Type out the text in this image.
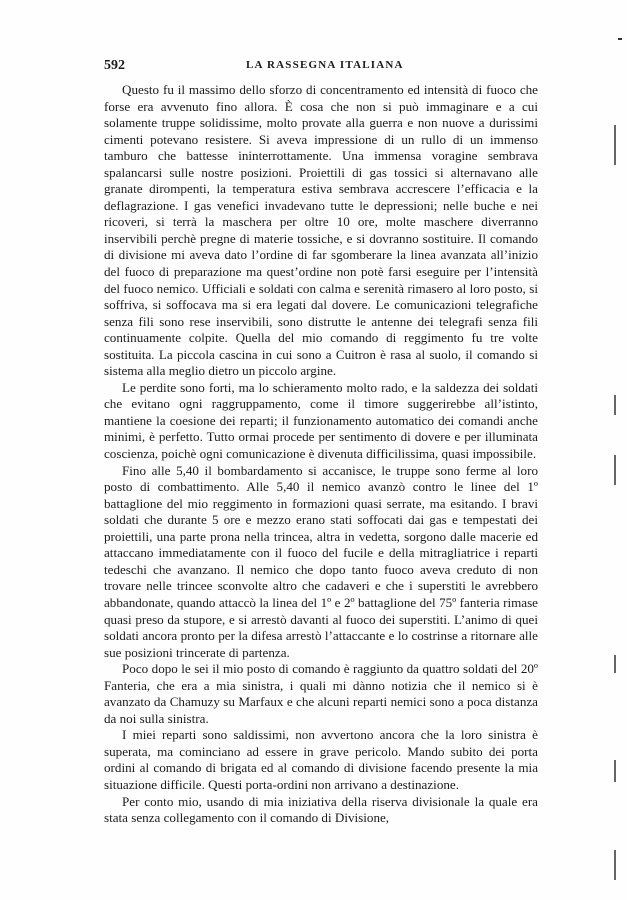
592	LA RASSEGNA ITALIANA

Questo fu il massimo dello sforzo di concentramento ed intensità di fuoco che forse era avvenuto fino allora. È cosa che non si può immaginare e a cui solamente truppe solidissime, molto provate alla guerra e non nuove a durissimi cimenti potevano resistere. Si aveva impressione di un rullo di un immenso tamburo che battesse ininterrottamente. Una immensa voragine sembrava spalancarsi sulle nostre posizioni. Proiettili di gas tossici si alternavano alle granate dirompenti, la temperatura estiva sembrava accrescere l’efficacia e la deflagrazione. I gas venefici invadevano tutte le depressioni; nelle buche e nei ricoveri, si terrà la maschera per oltre 10 ore, molte maschere diverranno inservibili perchè pregne di materie tossiche, e si dovranno sostituire. Il comando di divisione mi aveva dato l’ordine di far sgomberare la linea avanzata all’inizio del fuoco di preparazione ma quest’ordine non potè farsi eseguire per l’intensità del fuoco nemico. Ufficiali e soldati con calma e serenità rimasero al loro posto, si soffriva, si soffocava ma si era legati dal dovere. Le comunicazioni telegrafiche senza fili sono rese inservibili, sono distrutte le antenne dei telegrafi senza fili continuamente colpite. Quella del mio comando di reggimento fu tre volte sostituita. La piccola cascina in cui sono a Cuitron è rasa al suolo, il comando si sistema alla meglio dietro un piccolo argine.

Le perdite sono forti, ma lo schieramento molto rado, e la saldezza dei soldati che evitano ogni raggruppamento, come il timore suggerirebbe all’istinto, mantiene la coesione dei reparti; il funzionamento automatico dei comandi anche minimi, è perfetto. Tutto ormai procede per sentimento di dovere e per illuminata coscienza, poichè ogni comunicazione è divenuta difficilissima, quasi impossibile.

Fino alle 5,40 il bombardamento si accanisce, le truppe sono ferme al loro posto di combattimento. Alle 5,40 il nemico avanzò contro le linee del 1º battaglione del mio reggimento in formazioni quasi serrate, ma esitando. I bravi soldati che durante 5 ore e mezzo erano stati soffocati dai gas e tempestati dei proiettili, una parte prona nella trincea, altra in vedetta, sorgono dalle macerie ed attaccano immediatamente con il fuoco del fucile e della mitragliatrice i reparti tedeschi che avanzano. Il nemico che dopo tanto fuoco aveva creduto di non trovare nelle trincee sconvolte altro che cadaveri e che i superstiti le avrebbero abbandonate, quando attaccò la linea del 1º e 2º battaglione del 75º fanteria rimase quasi preso da stupore, e si arrestò davanti al fuoco dei superstiti. L’animo di quei soldati ancora pronto per la difesa arrestò l’attaccante e lo costrinse a ritornare alle sue posizioni trincerate di partenza.

Poco dopo le sei il mio posto di comando è raggiunto da quattro soldati del 20º Fanteria, che era a mia sinistra, i quali mi dànno notizia che il nemico si è avanzato da Chamuzy su Marfaux e che alcuni reparti nemici sono a poca distanza da noi sulla sinistra.

I miei reparti sono saldissimi, non avvertono ancora che la loro sinistra è superata, ma cominciano ad essere in grave pericolo. Mando subito dei porta ordini al comando di brigata ed al comando di divisione facendo presente la mia situazione difficile. Questi porta-ordini non arrivano a destinazione.

Per conto mio, usando di mia iniziativa della riserva divisionale la quale era stata senza collegamento con il comando di Divisione,
